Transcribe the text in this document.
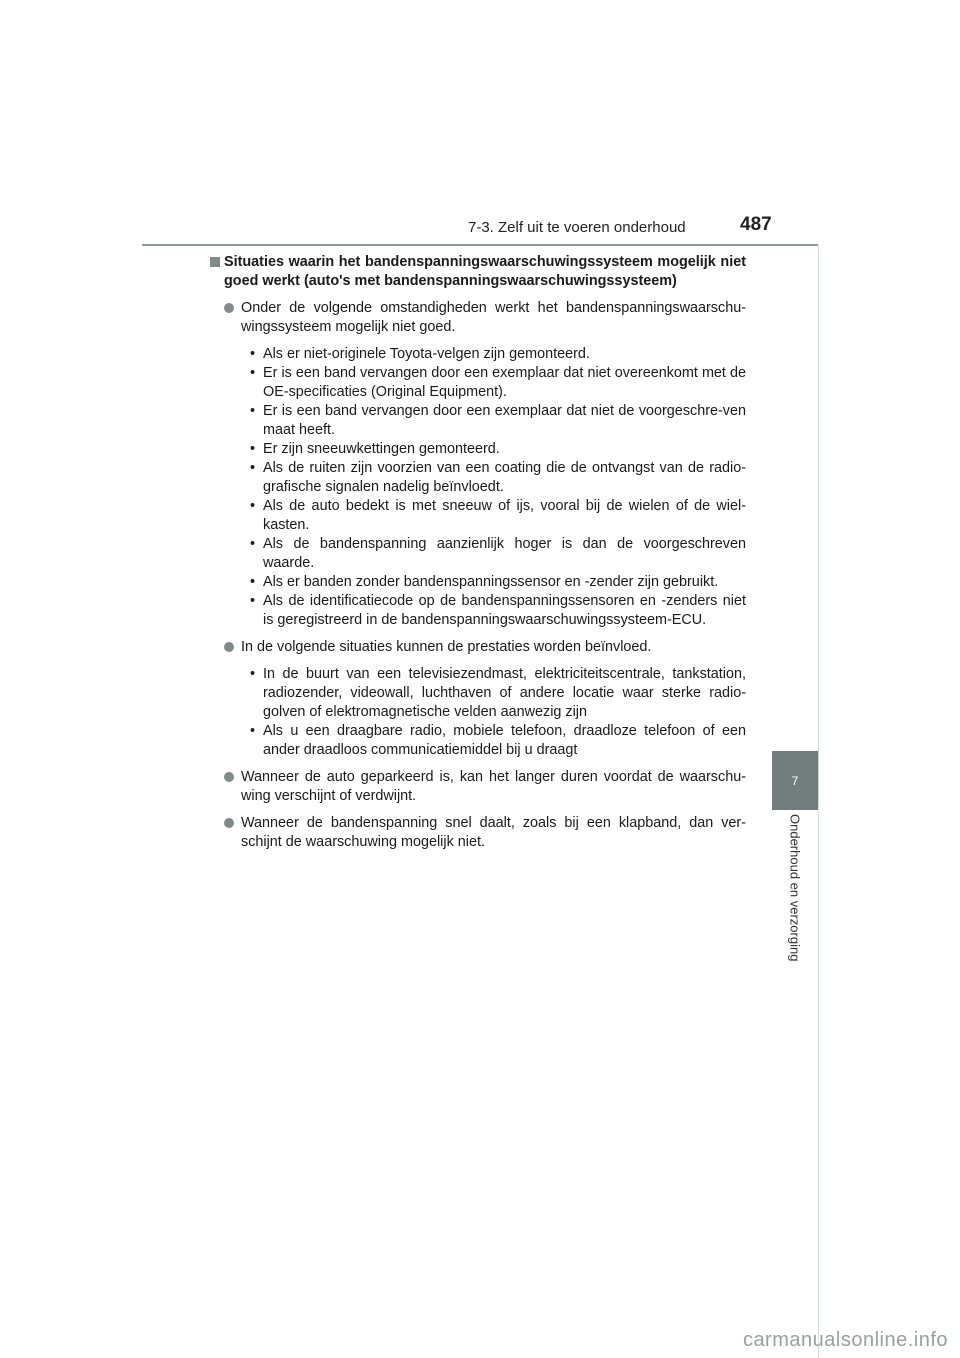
7-3. Zelf uit te voeren onderhoud	487
7
Onderhoud en verzorging
Situaties waarin het bandenspanningswaarschuwingssysteem mogelijk niet goed werkt (auto's met bandenspanningswaarschuwingssysteem)
Onder de volgende omstandigheden werkt het bandenspanningswaarschu-wingssysteem mogelijk niet goed.
• Als er niet-originele Toyota-velgen zijn gemonteerd.
• Er is een band vervangen door een exemplaar dat niet overeenkomt met de OE-specificaties (Original Equipment).
• Er is een band vervangen door een exemplaar dat niet de voorgeschre-ven maat heeft.
• Er zijn sneeuwkettingen gemonteerd.
• Als de ruiten zijn voorzien van een coating die de ontvangst van de radio-grafische signalen nadelig beïnvloedt.
• Als de auto bedekt is met sneeuw of ijs, vooral bij de wielen of de wiel-kasten.
• Als de bandenspanning aanzienlijk hoger is dan de voorgeschreven waarde.
• Als er banden zonder bandenspanningssensor en -zender zijn gebruikt.
• Als de identificatiecode op de bandenspanningssensoren en -zenders niet is geregistreerd in de bandenspanningswaarschuwingssysteem-ECU.
In de volgende situaties kunnen de prestaties worden beïnvloed.
• In de buurt van een televisiezendmast, elektriciteitscentrale, tankstation, radiozender, videowall, luchthaven of andere locatie waar sterke radio-golven of elektromagnetische velden aanwezig zijn
• Als u een draagbare radio, mobiele telefoon, draadloze telefoon of een ander draadloos communicatiemiddel bij u draagt
Wanneer de auto geparkeerd is, kan het langer duren voordat de waarschu-wing verschijnt of verdwijnt.
Wanneer de bandenspanning snel daalt, zoals bij een klapband, dan ver-schijnt de waarschuwing mogelijk niet.
carmanualsonline.info
